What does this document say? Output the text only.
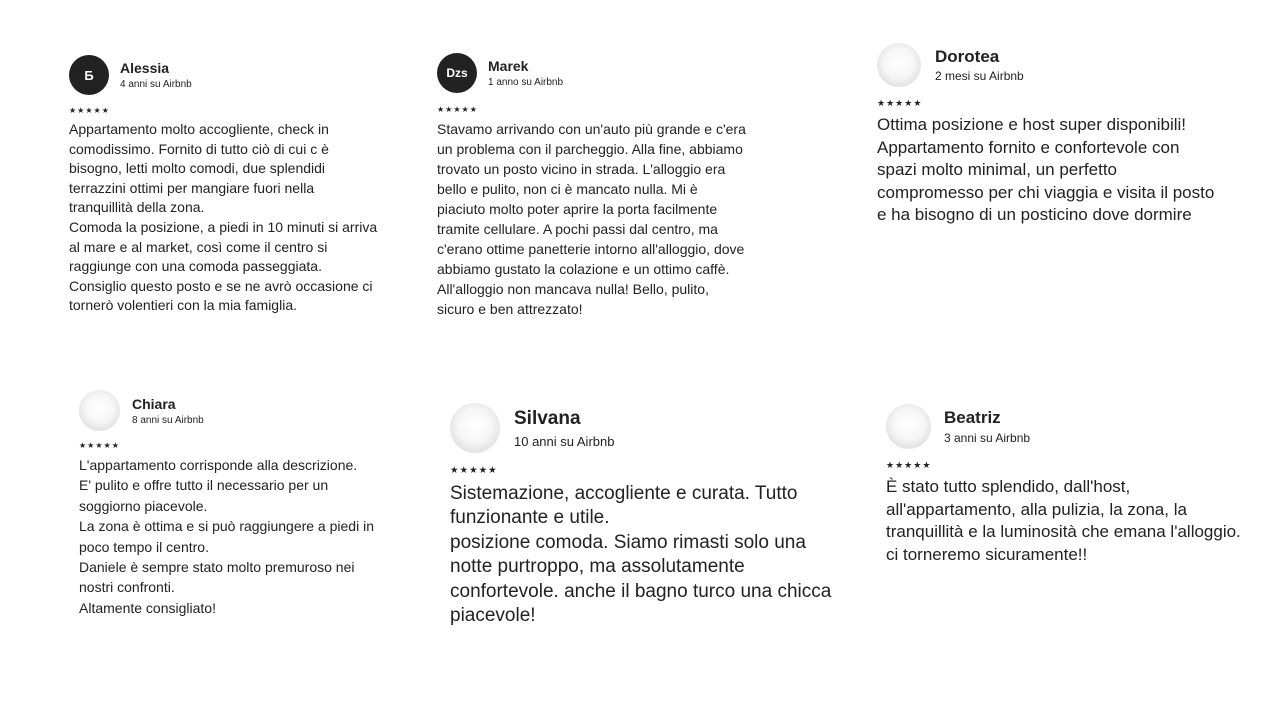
Б Alessia
4 anni su Airbnb
★ ★ ★ ★ ★

Appartamento molto accogliente, check in comodissimo. Fornito di tutto ciò di cui c è bisogno, letti molto comodi, due splendidi terrazzini ottimi per mangiare fuori nella tranquillità della zona.

Comoda la posizione, a piedi in 10 minuti si arriva al mare e al market, così come il centro si raggiunge con una comoda passeggiata.

Consiglio questo posto e se ne avrò occasione ci tornerò volentieri con la mia famiglia.

Dzs Marek
1 anno su Airbnb
★ ★ ★ ★ ★

Stavamo arrivando con un'auto più grande e c'era un problema con il parcheggio. Alla fine, abbiamo trovato un posto vicino in strada. L'alloggio era bello e pulito, non ci è mancato nulla. Mi è piaciuto molto poter aprire la porta facilmente tramite cellulare. A pochi passi dal centro, ma c'erano ottime panetterie intorno all'alloggio, dove abbiamo gustato la colazione e un ottimo caffè. All'alloggio non mancava nulla! Bello, pulito, sicuro e ben attrezzato!

Dorotea
2 mesi su Airbnb
★ ★ ★ ★ ★

Ottima posizione e host super disponibili!

Appartamento fornito e confortevole con spazi molto minimal, un perfetto compromesso per chi viaggia e visita il posto e ha bisogno di un posticino dove dormire

Chiara
8 anni su Airbnb
★ ★ ★ ★ ★

L'appartamento corrisponde alla descrizione.

E' pulito e offre tutto il necessario per un soggiorno piacevole.

La zona è ottima e si può raggiungere a piedi in poco tempo il centro.

Daniele è sempre stato molto premuroso nei nostri confronti.

Altamente consigliato!

Silvana
10 anni su Airbnb
★ ★ ★ ★ ★

Sistemazione, accogliente e curata. Tutto funzionante e utile.

posizione comoda. Siamo rimasti solo una notte purtroppo, ma assolutamente confortevole. anche il bagno turco una chicca piacevole!

Beatriz
3 anni su Airbnb
★ ★ ★ ★ ★

È stato tutto splendido, dall'host, all'appartamento, alla pulizia, la zona, la tranquillità e la luminosità che emana l'alloggio. ci torneremo sicuramente!!
